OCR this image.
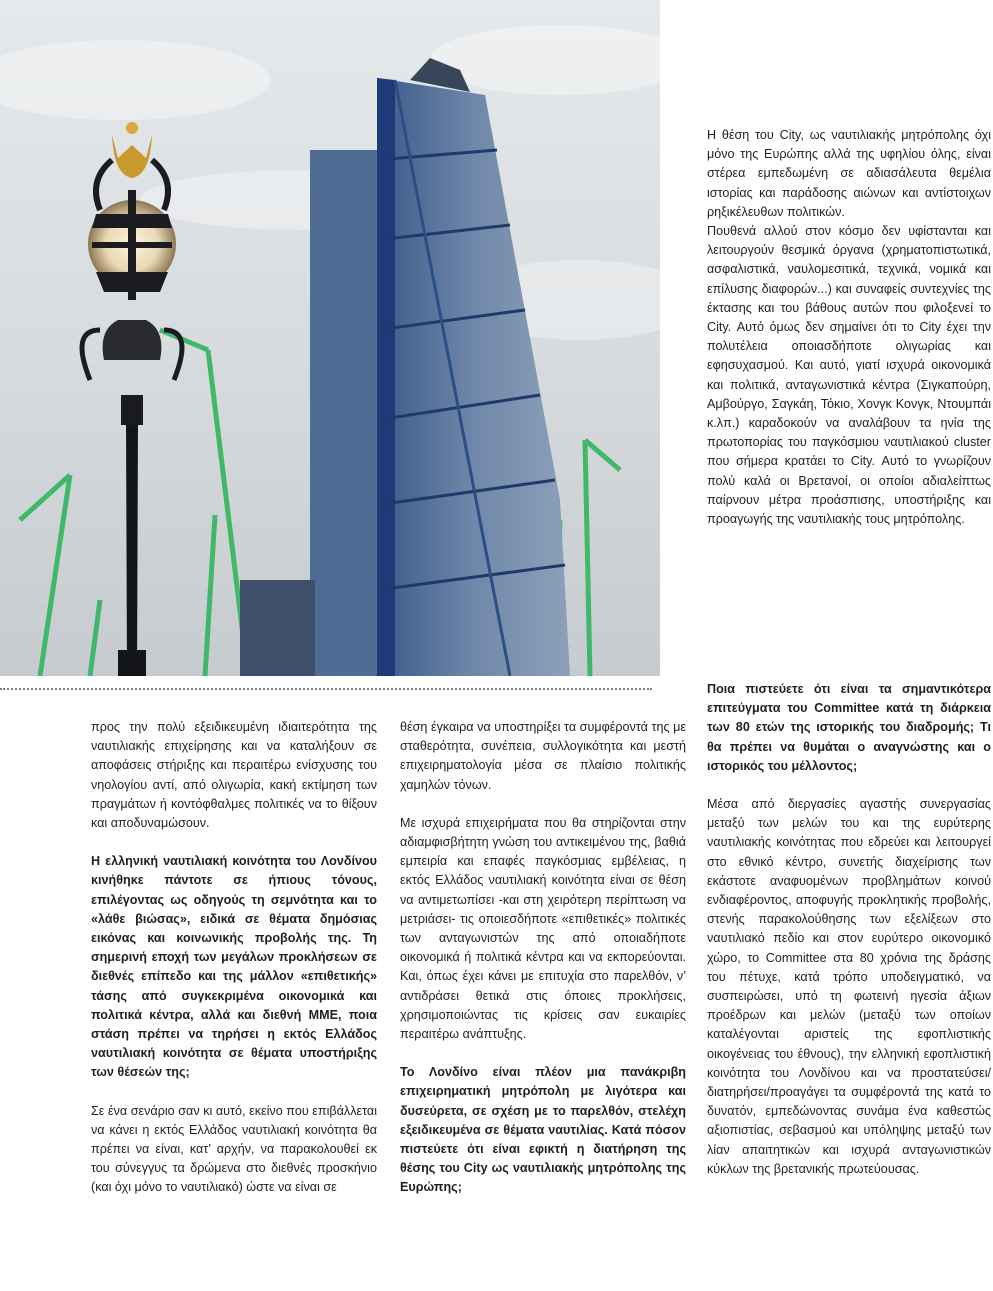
Η θέση του City, ως ναυτιλιακής μητρόπολης όχι μόνο της Ευρώπης αλλά της υφηλίου όλης, είναι στέρεα εμπεδωμένη σε αδιασάλευτα θεμέλια ιστορίας και παράδοσης αιώνων και αντίστοιχων ρηξικέλευθων πολιτικών.

Πουθενά αλλού στον κόσμο δεν υφίστανται και λειτουργούν θεσμικά όργανα (χρηματοπιστωτικά, ασφαλιστικά, ναυλομεσιτικά, τεχνικά, νομικά και επίλυσης διαφορών...) και συναφείς συντεχνίες της έκτασης και του βάθους αυτών που φιλοξενεί το City. Αυτό όμως δεν σημαίνει ότι το City έχει την πολυτέλεια οποιασδήποτε ολιγωρίας και εφησυχασμού. Και αυτό, γιατί ισχυρά οικονομικά και πολιτικά, ανταγωνιστικά κέντρα (Σιγκαπούρη, Αμβούργο, Σαγκάη, Τόκιο, Χονγκ Κονγκ, Ντουμπάι κ.λπ.) καραδοκούν να αναλάβουν τα ηνία της πρωτοπορίας του παγκόσμιου ναυτιλιακού cluster που σήμερα κρατάει το City. Αυτό το γνωρίζουν πολύ καλά οι Βρετανοί, οι οποίοι αδιαλείπτως παίρνουν μέτρα προάσπισης, υποστήριξης και προαγωγής της ναυτιλιακής τους μητρόπολης.

προς την πολύ εξειδικευμένη ιδιαιτερότητα της ναυτιλιακής επιχείρησης και να καταλήξουν σε αποφάσεις στήριξης και περαιτέρω ενίσχυσης του νηολογίου αντί, από ολιγωρία, κακή εκτίμηση των πραγμάτων ή κοντόφθαλμες πολιτικές να το θίξουν και αποδυναμώσουν.

Η ελληνική ναυτιλιακή κοινότητα του Λονδίνου κινήθηκε πάντοτε σε ήπιους τόνους, επιλέγοντας ως οδηγούς τη σεμνότητα και το «λάθε βιώσας», ειδικά σε θέματα δημόσιας εικόνας και κοινωνικής προβολής της. Τη σημερινή εποχή των μεγάλων προκλήσεων σε διεθνές επίπεδο και της μάλλον «επιθετικής» τάσης από συγκεκριμένα οικονομικά και πολιτικά κέντρα, αλλά και διεθνή ΜΜΕ, ποια στάση πρέπει να τηρήσει η εκτός Ελλάδος ναυτιλιακή κοινότητα σε θέματα υποστήριξης των θέσεών της;

Σε ένα σενάριο σαν κι αυτό, εκείνο που επιβάλλεται να κάνει η εκτός Ελλάδος ναυτιλιακή κοινότητα θα πρέπει να είναι, κατ’ αρχήν, να παρακολουθεί εκ του σύνεγγυς τα δρώμενα στο διεθνές προσκήνιο (και όχι μόνο το ναυτιλιακό) ώστε να είναι σε

θέση έγκαιρα να υποστηρίξει τα συμφέροντά της με σταθερότητα, συνέπεια, συλλογικότητα και μεστή επιχειρηματολογία μέσα σε πλαίσιο πολιτικής χαμηλών τόνων.

Με ισχυρά επιχειρήματα που θα στηρίζονται στην αδιαμφισβήτητη γνώση του αντικειμένου της, βαθιά εμπειρία και επαφές παγκόσμιας εμβέλειας, η εκτός Ελλάδος ναυτιλιακή κοινότητα είναι σε θέση να αντιμετωπίσει -και στη χειρότερη περίπτωση να μετριάσει- τις οποιεσδήποτε «επιθετικές» πολιτικές των ανταγωνιστών της από οποιαδήποτε οικονομικά ή πολιτικά κέντρα και να εκπορεύονται. Και, όπως έχει κάνει με επιτυχία στο παρελθόν, ν’ αντιδράσει θετικά στις όποιες προκλήσεις, χρησιμοποιώντας τις κρίσεις σαν ευκαιρίες περαιτέρω ανάπτυξης.

Το Λονδίνο είναι πλέον μια πανάκριβη επιχειρηματική μητρόπολη με λιγότερα και δυσεύρετα, σε σχέση με το παρελθόν, στελέχη εξειδικευμένα σε θέματα ναυτιλίας. Κατά πόσον πιστεύετε ότι είναι εφικτή η διατήρηση της θέσης του City ως ναυτιλιακής μητρόπολης της Ευρώπης;

Ποια πιστεύετε ότι είναι τα σημαντικότερα επιτεύγματα του Committee κατά τη διάρκεια των 80 ετών της ιστορικής του διαδρομής; Τι θα πρέπει να θυμάται ο αναγνώστης και ο ιστορικός του μέλλοντος;

Μέσα από διεργασίες αγαστής συνεργασίας μεταξύ των μελών του και της ευρύτερης ναυτιλιακής κοινότητας που εδρεύει και λειτουργεί στο εθνικό κέντρο, συνετής διαχείρισης των εκάστοτε αναφυομένων προβλημάτων κοινού ενδιαφέροντος, αποφυγής προκλητικής προβολής, στενής παρακολούθησης των εξελίξεων στο ναυτιλιακό πεδίο και στον ευρύτερο οικονομικό χώρο, το Committee στα 80 χρόνια της δράσης του πέτυχε, κατά τρόπο υποδειγματικό, να συσπειρώσει, υπό τη φωτεινή ηγεσία άξιων προέδρων και μελών (μεταξύ των οποίων καταλέγονται αριστείς της εφοπλιστικής οικογένειας του έθνους), την ελληνική εφοπλιστική κοινότητα του Λονδίνου και να προστατεύσει/διατηρήσει/προαγάγει τα συμφέροντά της κατά το δυνατόν, εμπεδώνοντας συνάμα ένα καθεστώς αξιοπιστίας, σεβασμού και υπόληψης μεταξύ των λίαν απαιτητικών και ισχυρά ανταγωνιστικών κύκλων της βρετανικής πρωτεύουσας.
